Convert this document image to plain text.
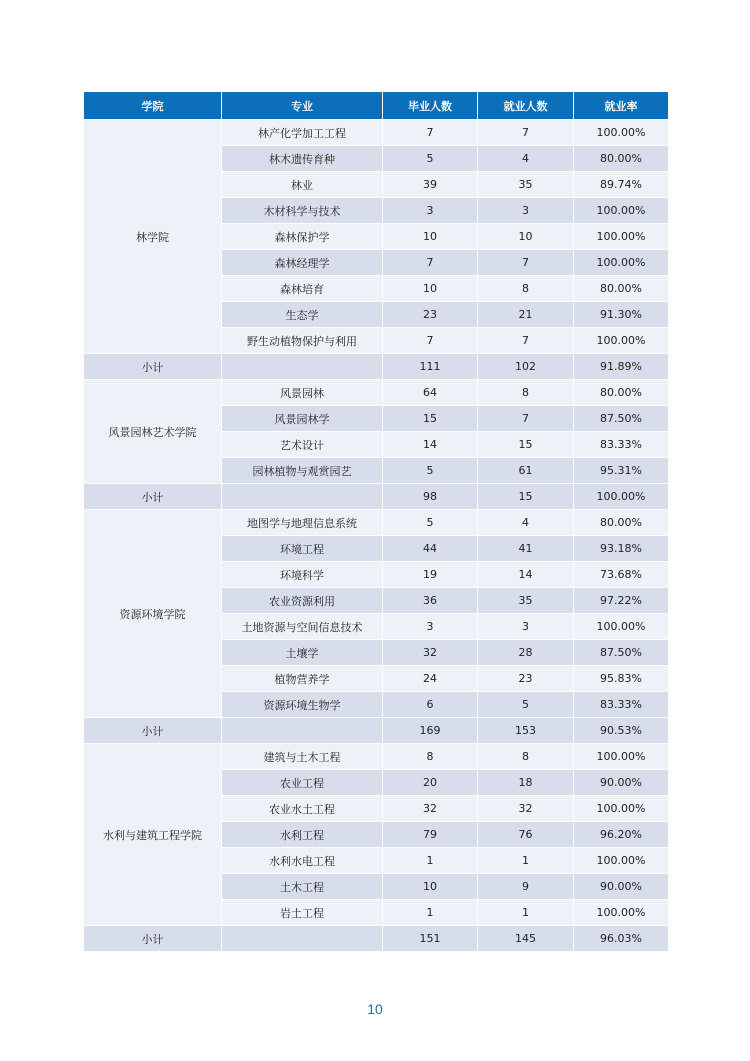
学院	专业	毕业人数	就业人数	就业率
林学院	林产化学加工工程	7	7	100.00%
	林木遗传育种	5	4	80.00%
	林业	39	35	89.74%
	木材科学与技术	3	3	100.00%
	森林保护学	10	10	100.00%
	森林经理学	7	7	100.00%
	森林培育	10	8	80.00%
	生态学	23	21	91.30%
	野生动植物保护与利用	7	7	100.00%
小计		111	102	91.89%
风景园林艺术学院	风景园林	64	8	80.00%
	风景园林学	15	7	87.50%
	艺术设计	14	15	83.33%
	园林植物与观赏园艺	5	61	95.31%
小计		98	15	100.00%
资源环境学院	地图学与地理信息系统	5	4	80.00%
	环境工程	44	41	93.18%
	环境科学	19	14	73.68%
	农业资源利用	36	35	97.22%
	土地资源与空间信息技术	3	3	100.00%
	土壤学	32	28	87.50%
	植物营养学	24	23	95.83%
	资源环境生物学	6	5	83.33%
小计		169	153	90.53%
水利与建筑工程学院	建筑与土木工程	8	8	100.00%
	农业工程	20	18	90.00%
	农业水土工程	32	32	100.00%
	水利工程	79	76	96.20%
	水利水电工程	1	1	100.00%
	土木工程	10	9	90.00%
	岩土工程	1	1	100.00%
小计		151	145	96.03%
10
